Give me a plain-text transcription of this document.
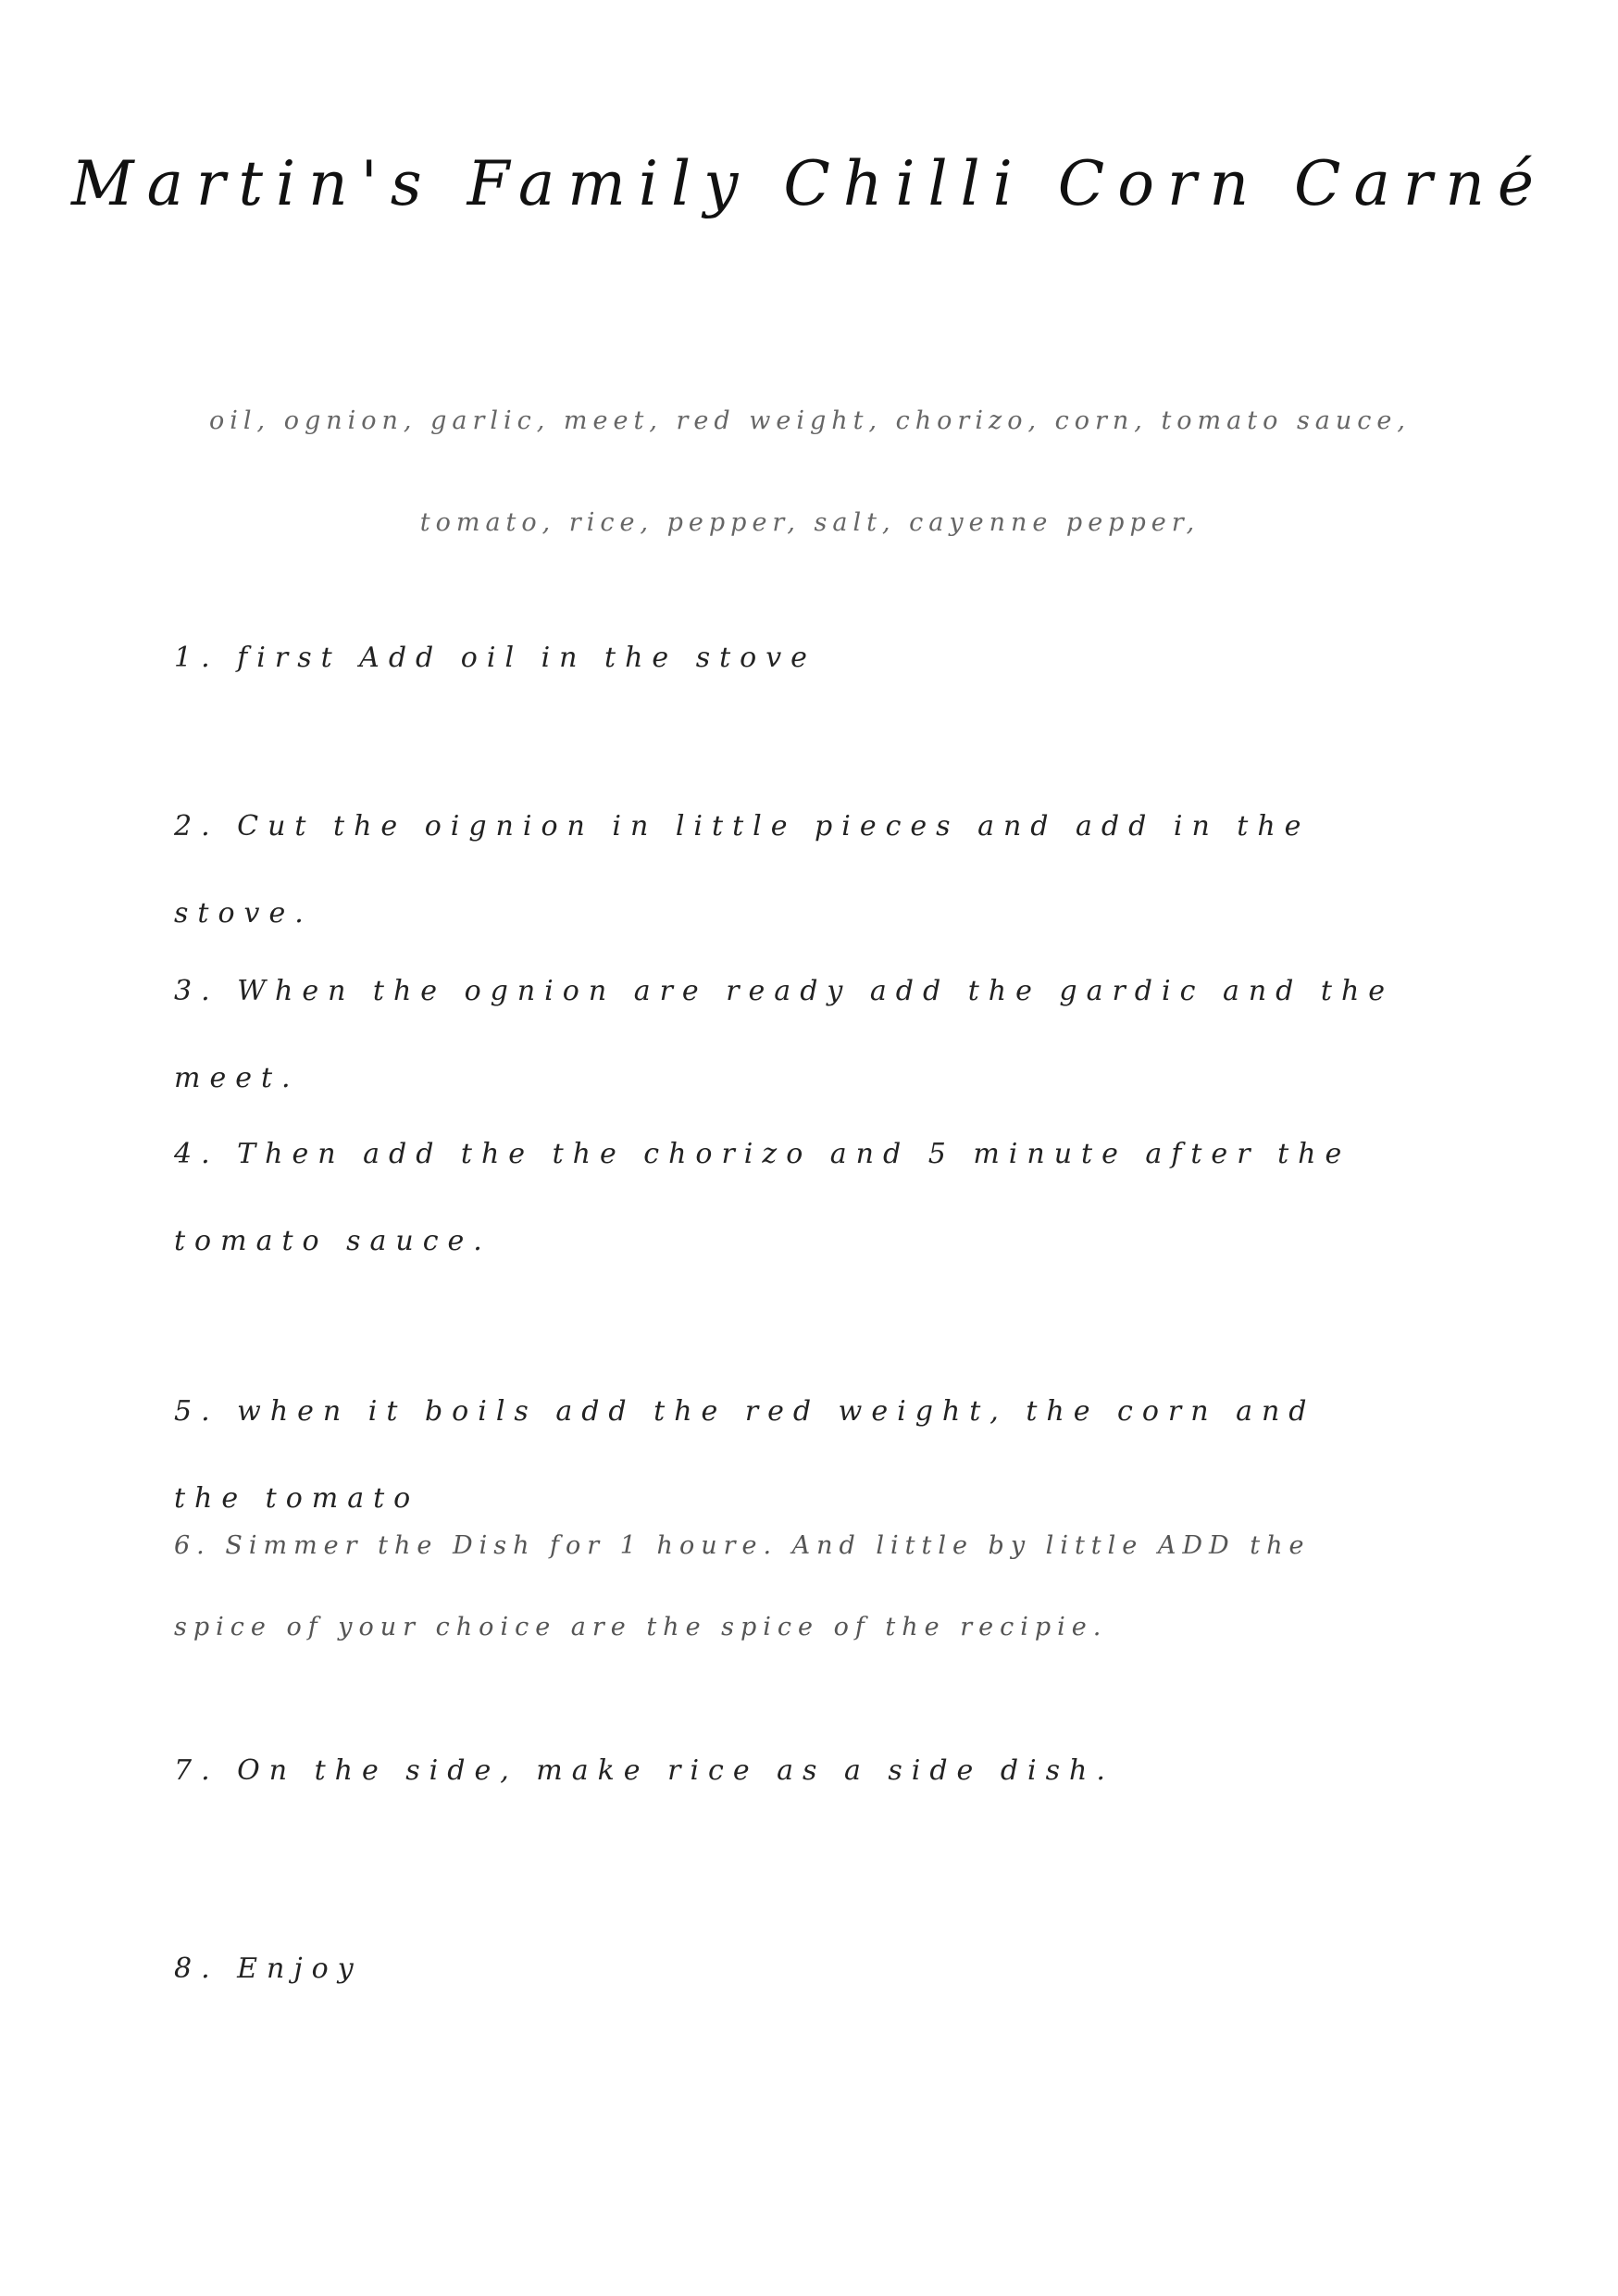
Martin's Family Chilli Corn Carné
oil, ognion, garlic, meet, red weight, chorizo, corn, tomato sauce, tomato, rice, pepper, salt, cayenne pepper,
1. first Add oil in the stove
2. Cut the oignion in little pieces and add in the stove.
3. When the ognion are ready add the gardic and the meet.
4. Then add the the chorizo and 5 minute after the tomato sauce.
5. when it boils add the red weight, the corn and the tomato
6. Simmer the Dish for 1 houre. And little by little ADD the spice of your choice are the spice of the recipie.
7. On the side, make rice as a side dish.
8. Enjoy
